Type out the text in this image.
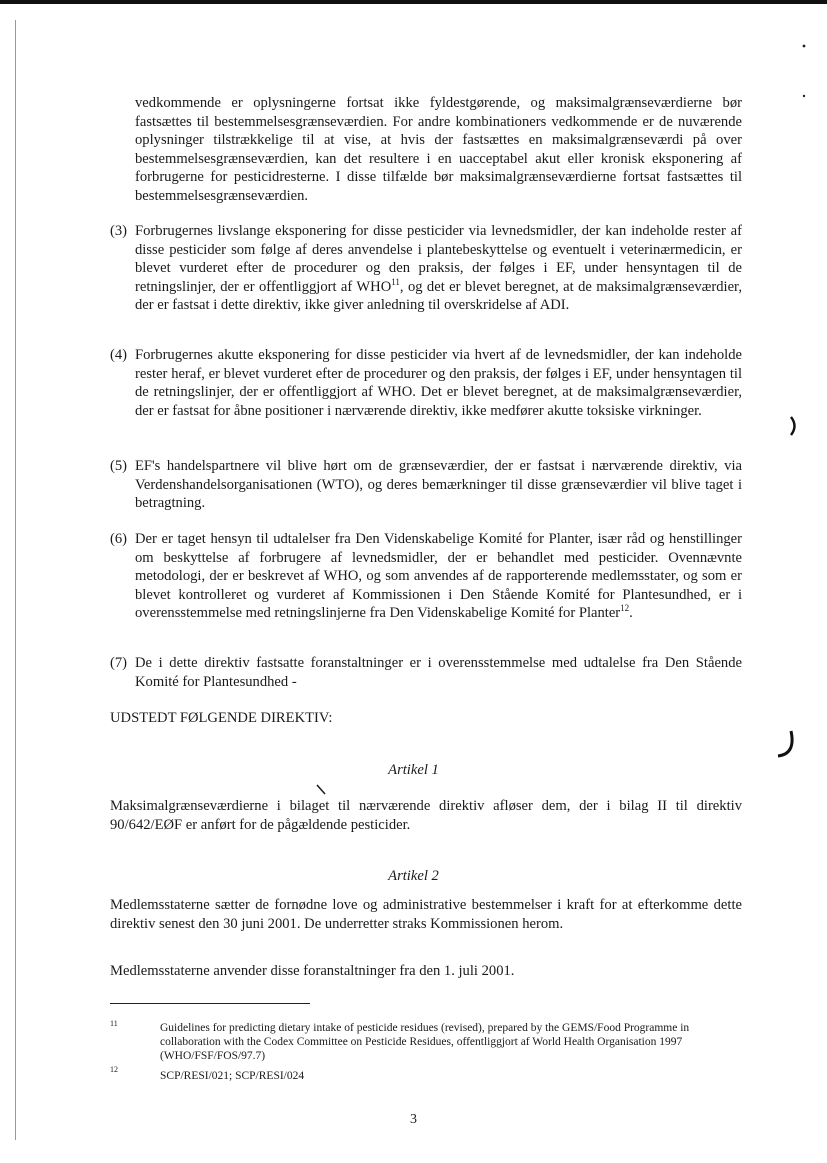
vedkommende er oplysningerne fortsat ikke fyldestgørende, og maksimalgrænseværdierne bør fastsættes til bestemmelsesgrænseværdien. For andre kombinationers vedkommende er de nuværende oplysninger tilstrækkelige til at vise, at hvis der fastsættes en maksimalgrænseværdi på over bestemmelsesgrænseværdien, kan det resultere i en uacceptabel akut eller kronisk eksponering af forbrugerne for pesticidresterne. I disse tilfælde bør maksimalgrænseværdierne fortsat fastsættes til bestemmelsesgrænseværdien.

(3) Forbrugernes livslange eksponering for disse pesticider via levnedsmidler, der kan indeholde rester af disse pesticider som følge af deres anvendelse i plantebeskyttelse og eventuelt i veterinærmedicin, er blevet vurderet efter de procedurer og den praksis, der følges i EF, under hensyntagen til de retningslinjer, der er offentliggjort af WHO$^{11}$, og det er blevet beregnet, at de maksimalgrænseværdier, der er fastsat i dette direktiv, ikke giver anledning til overskridelse af ADI.
(4) Forbrugernes akutte eksponering for disse pesticider via hvert af de levnedsmidler, der kan indeholde rester heraf, er blevet vurderet efter de procedurer og den praksis, der følges i EF, under hensyntagen til de retningslinjer, der er offentliggjort af WHO. Det er blevet beregnet, at de maksimalgrænseværdier, der er fastsat for åbne positioner i nærværende direktiv, ikke medfører akutte toksiske virkninger.
(5) EF's handelspartnere vil blive hørt om de grænseværdier, der er fastsat i nærværende direktiv, via Verdenshandelsorganisationen (WTO), og deres bemærkninger til disse grænseværdier vil blive taget i betragtning.
(6) Der er taget hensyn til udtalelser fra Den Videnskabelige Komité for Planter, især råd og henstillinger om beskyttelse af forbrugere af levnedsmidler, der er behandlet med pesticider. Ovennævnte metodologi, der er beskrevet af WHO, og som anvendes af de rapporterende medlemsstater, og som er blevet kontrolleret og vurderet af Kommissionen i Den Stående Komité for Plantesundhed, er i overensstemmelse med retningslinjerne fra Den Videnskabelige Komité for Planter$^{12}$.
(7) De i dette direktiv fastsatte foranstaltninger er i overensstemmelse med udtalelse fra Den Stående Komité for Plantesundhed -
UDSTEDT FØLGENDE DIREKTIV:
Artikel 1

Maksimalgrænseværdierne i bilaget til nærværende direktiv afløser dem, der i bilag II til direktiv 90/642/EØF er anført for de pågældende pesticider.

Artikel 2

Medlemsstaterne sætter de fornødne love og administrative bestemmelser i kraft for at efterkomme dette direktiv senest den 30 juni 2001. De underretter straks Kommissionen herom.

Medlemsstaterne anvender disse foranstaltninger fra den 1. juli 2001.

11	Guidelines for predicting dietary intake of pesticide residues (revised), prepared by the GEMS/Food Programme in collaboration with the Codex Committee on Pesticide Residues, offentliggjort af World Health Organisation 1997 (WHO/FSF/FOS/97.7)
12
SCP/RESI/021; SCP/RESI/024
3
